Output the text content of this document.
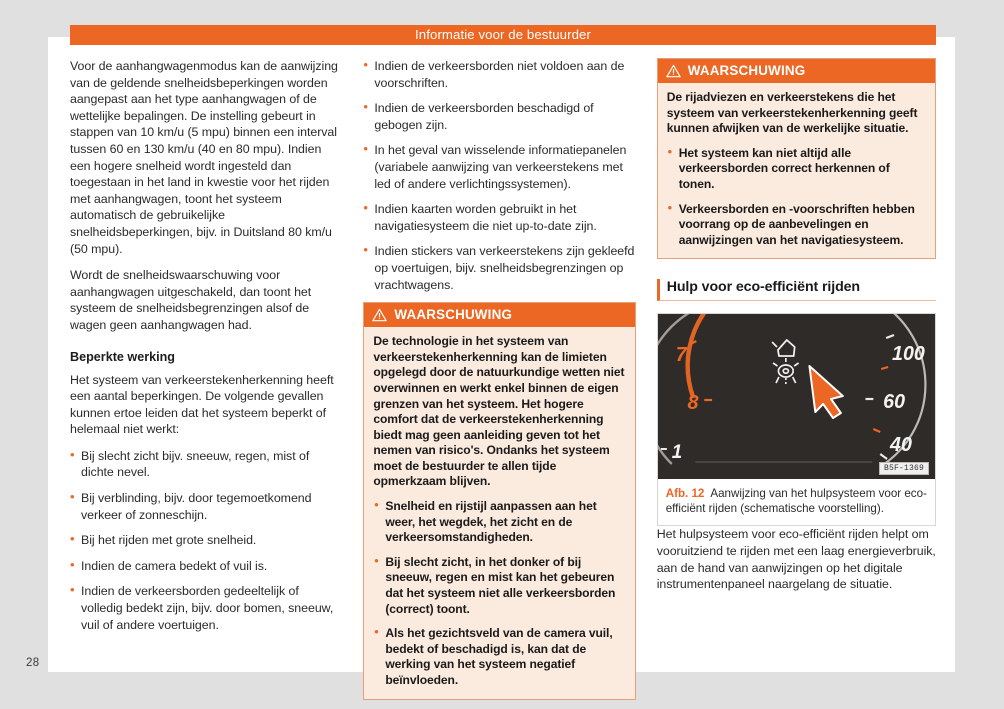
28
Informatie voor de bestuurder

Voor de aanhangwagenmodus kan de aanwijzing van de geldende snelheidsbeperkingen worden aangepast aan het type aanhangwagen of de wettelijke bepalingen. De instelling gebeurt in stappen van 10 km/u (5 mpu) binnen een interval tussen 60 en 130 km/u (40 en 80 mpu). Indien een hogere snelheid wordt ingesteld dan toegestaan in het land in kwestie voor het rijden met aanhangwagen, toont het systeem automatisch de gebruikelijke snelheidsbeperkingen, bijv. in Duitsland 80 km/u (50 mpu).

Wordt de snelheidswaarschuwing voor aanhangwagen uitgeschakeld, dan toont het systeem de snelheidsbegrenzingen alsof de wagen geen aanhangwagen had.

Beperkte werking

Het systeem van verkeerstekenherkenning heeft een aantal beperkingen. De volgende gevallen kunnen ertoe leiden dat het systeem beperkt of helemaal niet werkt:

• Bij slecht zicht bijv. sneeuw, regen, mist of dichte nevel.
• Bij verblinding, bijv. door tegemoetkomend verkeer of zonneschijn.
• Bij het rijden met grote snelheid.
• Indien de camera bedekt of vuil is.
• Indien de verkeersborden gedeeltelijk of volledig bedekt zijn, bijv. door bomen, sneeuw, vuil of andere voertuigen.
• Indien de verkeersborden niet voldoen aan de voorschriften.
• Indien de verkeersborden beschadigd of gebogen zijn.
• In het geval van wisselende informatiepanelen (variabele aanwijzing van verkeerstekens met led of andere verlichtingssystemen).
• Indien kaarten worden gebruikt in het navigatiesysteem die niet up-to-date zijn.
• Indien stickers van verkeerstekens zijn gekleefd op voertuigen, bijv. snelheidsbegrenzingen op vrachtwagens.
WAARSCHUWING

De technologie in het systeem van verkeerstekenherkenning kan de limieten opgelegd door de natuurkundige wetten niet overwinnen en werkt enkel binnen de eigen grenzen van het systeem. Het hogere comfort dat de verkeerstekenherkenning biedt mag geen aanleiding geven tot het nemen van risico's. Ondanks het systeem moet de bestuurder te allen tijde opmerkzaam blijven.

• Snelheid en rijstijl aanpassen aan het weer, het wegdek, het zicht en de verkeersomstandigheden.
• Bij slecht zicht, in het donker of bij sneeuw, regen en mist kan het gebeuren dat het systeem niet alle verkeersborden (correct) toont.
• Als het gezichtsveld van de camera vuil, bedekt of beschadigd is, kan dat de werking van het systeem negatief beïnvloeden.
WAARSCHUWING

De rijadviezen en verkeerstekens die het systeem van verkeerstekenherkenning geeft kunnen afwijken van de werkelijke situatie.

• Het systeem kan niet altijd alle verkeersborden correct herkennen of tonen.
• Verkeersborden en -voorschriften hebben voorrang op de aanbevelingen en aanwijzingen van het navigatiesysteem.
Hulp voor eco-efficiënt rijden
7
8
1
100
60
40
B5F-1369
Afb. 12 Aanwijzing van het hulpsysteem voor eco-efficiënt rijden (schematische voorstelling).

Het hulpsysteem voor eco-efficiënt rijden helpt om vooruitziend te rijden met een laag energieverbruik, aan de hand van aanwijzingen op het digitale instrumentenpaneel naargelang de situatie.
